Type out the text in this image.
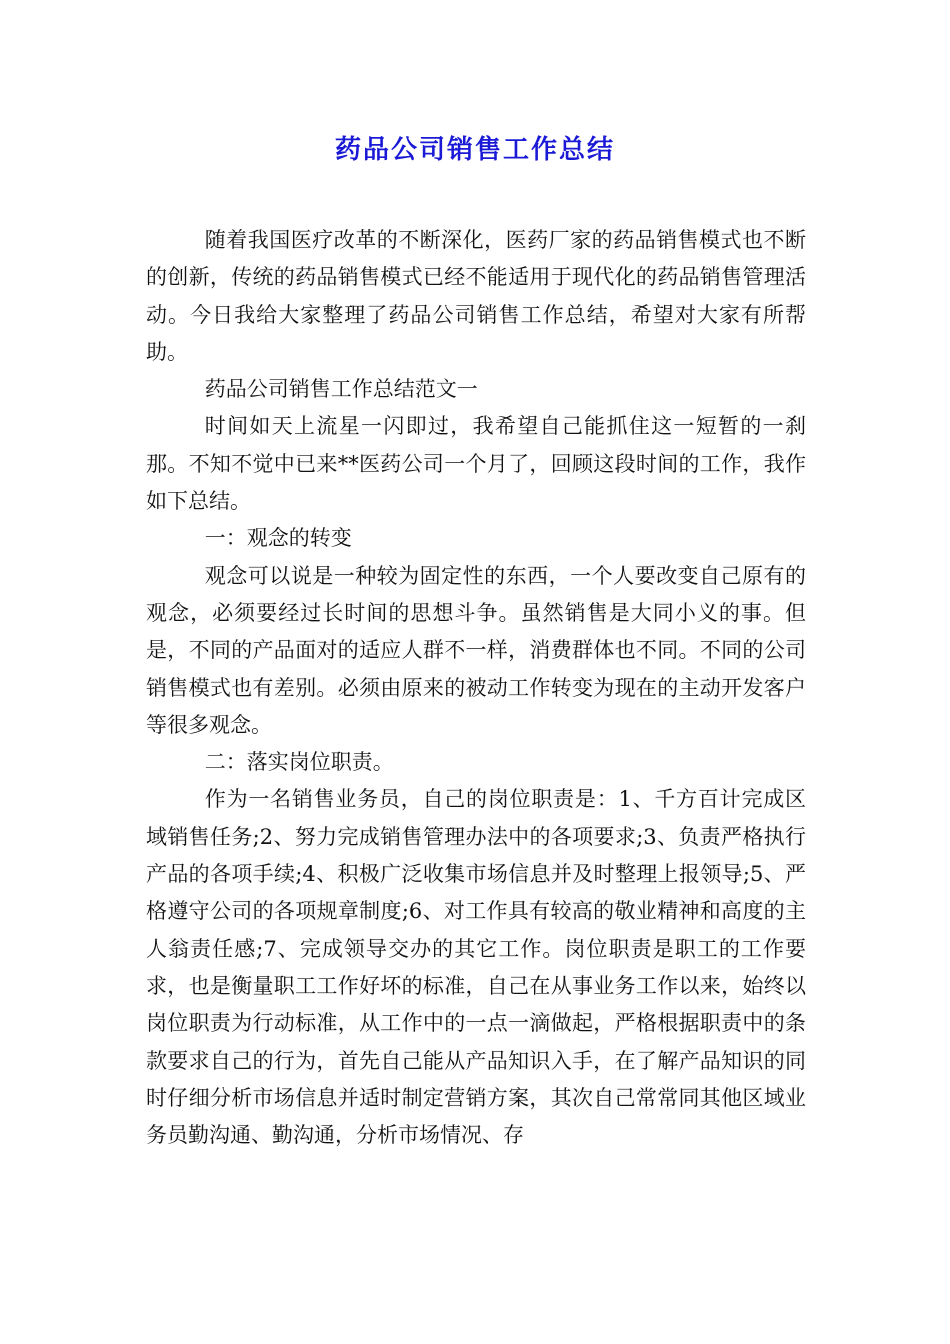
药品公司销售工作总结

随着我国医疗改革的不断深化，医药厂家的药品销售模式也不断的创新，传统的药品销售模式已经不能适用于现代化的药品销售管理活动。今日我给大家整理了药品公司销售工作总结，希望对大家有所帮助。

药品公司销售工作总结范文一

时间如天上流星一闪即过，我希望自己能抓住这一短暂的一刹那。不知不觉中已来**医药公司一个月了，回顾这段时间的工作，我作如下总结。

一：观念的转变

观念可以说是一种较为固定性的东西，一个人要改变自己原有的观念，必须要经过长时间的思想斗争。虽然销售是大同小义的事。但是，不同的产品面对的适应人群不一样，消费群体也不同。不同的公司销售模式也有差别。必须由原来的被动工作转变为现在的主动开发客户等很多观念。

二：落实岗位职责。

作为一名销售业务员，自己的岗位职责是：1、千方百计完成区域销售任务;2、努力完成销售管理办法中的各项要求;3、负责严格执行产品的各项手续;4、积极广泛收集市场信息并及时整理上报领导;5、严格遵守公司的各项规章制度;6、对工作具有较高的敬业精神和高度的主人翁责任感;7、完成领导交办的其它工作。岗位职责是职工的工作要求，也是衡量职工工作好坏的标准，自己在从事业务工作以来，始终以岗位职责为行动标准，从工作中的一点一滴做起，严格根据职责中的条款要求自己的行为，首先自己能从产品知识入手，在了解产品知识的同时仔细分析市场信息并适时制定营销方案，其次自己常常同其他区域业务员勤沟通、勤沟通，分析市场情况、存
